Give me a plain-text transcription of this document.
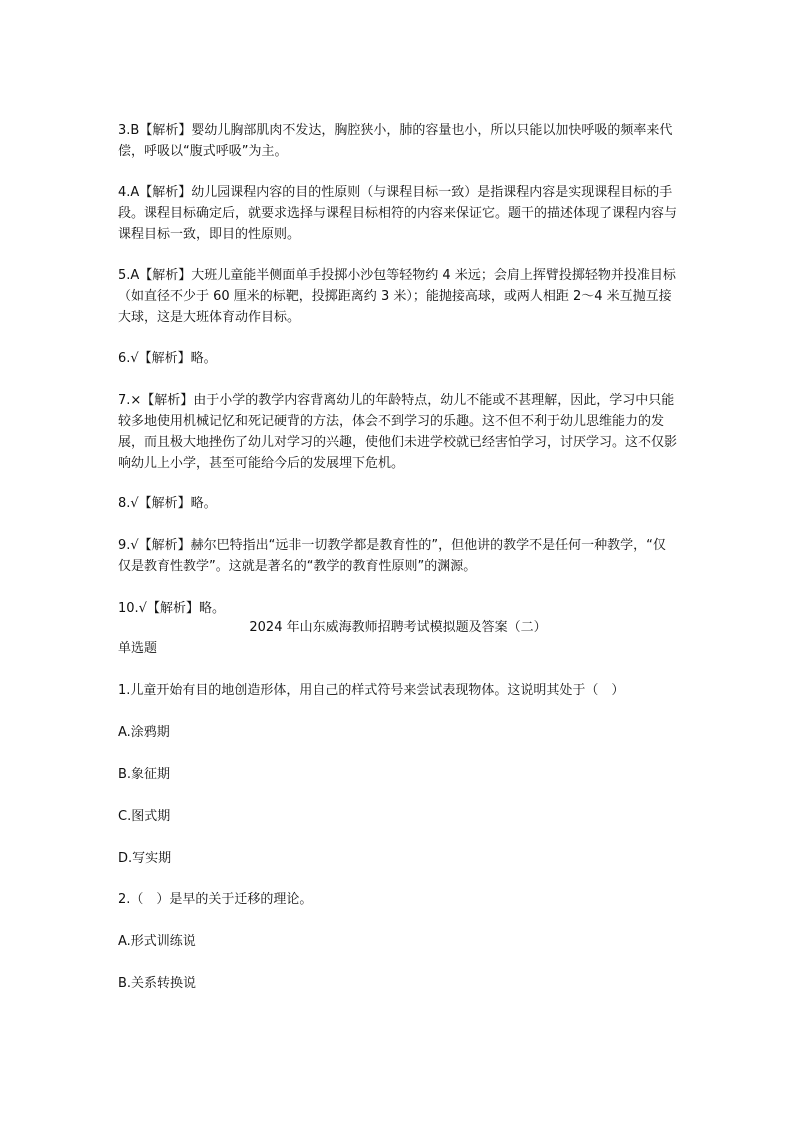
3.B【解析】婴幼儿胸部肌肉不发达，胸腔狭小，肺的容量也小，所以只能以加快呼吸的频率来代偿，呼吸以“腹式呼吸”为主。

4.A【解析】幼儿园课程内容的目的性原则（与课程目标一致）是指课程内容是实现课程目标的手段。课程目标确定后，就要求选择与课程目标相符的内容来保证它。题干的描述体现了课程内容与课程目标一致，即目的性原则。

5.A【解析】大班儿童能半侧面单手投掷小沙包等轻物约 4 米远；会肩上挥臂投掷轻物并投准目标（如直径不少于 60 厘米的标靶，投掷距离约 3 米）；能抛接高球，或两人相距 2～4 米互抛互接大球，这是大班体育动作目标。

6.√【解析】略。

7.×【解析】由于小学的教学内容背离幼儿的年龄特点，幼儿不能或不甚理解，因此，学习中只能较多地使用机械记忆和死记硬背的方法，体会不到学习的乐趣。这不但不利于幼儿思维能力的发展，而且极大地挫伤了幼儿对学习的兴趣，使他们未进学校就已经害怕学习，讨厌学习。这不仅影响幼儿上小学，甚至可能给今后的发展埋下危机。

8.√【解析】略。

9.√【解析】赫尔巴特指出“远非一切教学都是教育性的”，但他讲的教学不是任何一种教学，“仅仅是教育性教学”。这就是著名的“教学的教育性原则”的渊源。

10.√【解析】略。

2024 年山东威海教师招聘考试模拟题及答案（二）

单选题

1.儿童开始有目的地创造形体，用自己的样式符号来尝试表现物体。这说明其处于（　）

A.涂鸦期

B.象征期

C.图式期

D.写实期

2.（　）是早的关于迁移的理论。

A.形式训练说

B.关系转换说
